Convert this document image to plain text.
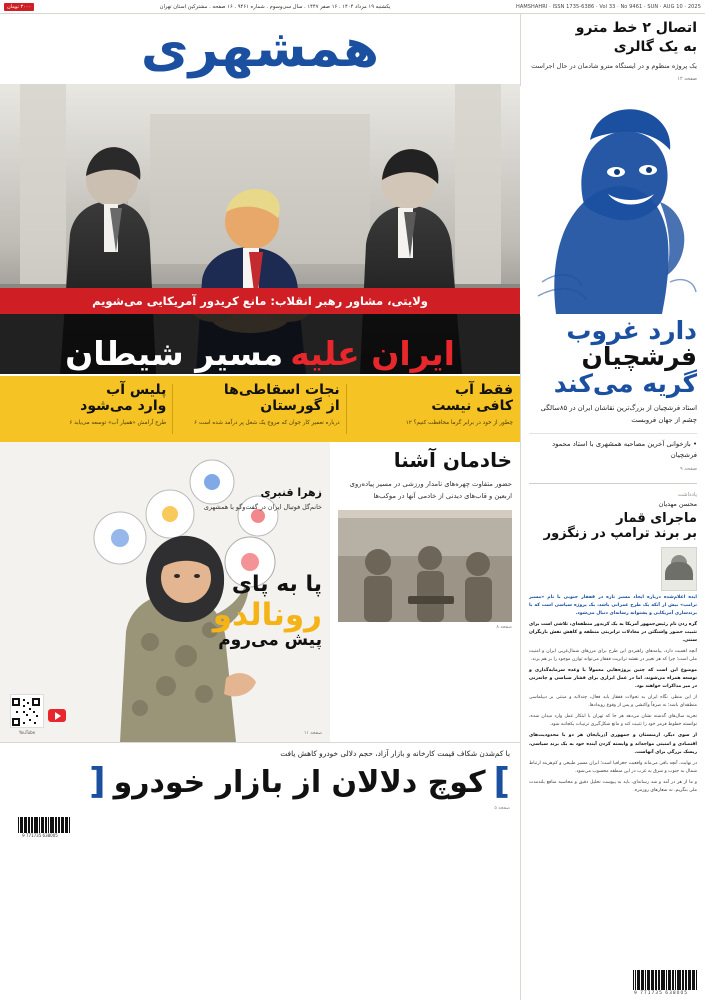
HAMSHAHRI · ISSN 1735-6386 · Vol 33 · No 9461 · SUN · AUG 10 · 2025
یکشنبه ۱۹ مرداد ۱۴۰۴ . ۱۶ صفر ۱۴۴۷ . سال سی‌وسوم . شماره ۹۴۶۱ . ۱۶ صفحه . مشترکین استان تهران
۳۰۰۰ تومان
اتصال ۲ خط مترو
به یک گالری
یک پروژه منظوم و در ایستگاه مترو شادمان در حال اجراست
صفحه ۱۲
دارد غروب
فرشچیان
گریه می‌کند
استاد فرشچیان از بزرگ‌ترین نقاشان ایران در ۸۵سالگی چشم از جهان فروبست
• بازخوانی آخرین مصاحبه همشهری با استاد محمود فرشچیان
صفحه ۹
یادداشت
محسن مهدیان
ماجرای قمار
بر برند ترامپ در زنگزور

ایده اعلام‌شده درباره ایجاد مسیر تازه در قفقاز جنوبی با نام «مسیر ترامپ» بیش از آنکه یک طرح عمرانی باشد، یک پروژه سیاسی است که با برندسازی آمریکایی و پشتوانه رسانه‌ای دنبال می‌شود.

گره زدن نام رئیس‌جمهور آمریکا به یک کریدور منطقه‌ای، تلاشی است برای تثبیت حضور واشنگتن در معادلات ترانزیتی منطقه و کاهش نقش بازیگران سنتی.

آنچه اهمیت دارد، پیامدهای راهبردی این طرح برای مرزهای شمال‌غربی ایران و امنیت ملی است؛ چرا که هر تغییر در نقشه ترانزیت قفقاز می‌تواند توازن موجود را بر هم بزند.

موضوع این است که چنین پروژه‌هایی معمولاً با وعده سرمایه‌گذاری و توسعه همراه می‌شوند، اما در عمل ابزاری برای فشار سیاسی و چانه‌زنی در میز مذاکرات خواهند بود.

از این منظر، نگاه ایران به تحولات قفقاز باید فعال، چندلایه و مبتنی بر دیپلماسی منطقه‌ای باشد؛ نه صرفاً واکنشی و پس از وقوع رویدادها.

تجربه سال‌های گذشته نشان می‌دهد هر جا که تهران با ابتکار عمل وارد میدان شده، توانسته خطوط قرمز خود را تثبیت کند و مانع شکل‌گیری ترتیبات یکجانبه شود.

از سوی دیگر، ارمنستان و جمهوری آذربایجان هر دو با محدودیت‌های اقتصادی و امنیتی مواجه‌اند و وابسته کردن آینده خود به یک برند سیاسی، ریسک بزرگی برای آنهاست.

در نهایت، آنچه باقی می‌ماند واقعیت جغرافیا است؛ ایران مسیر طبیعی و کم‌هزینه ارتباط شمال به جنوب و شرق به غرب در این منطقه محسوب می‌شود.

و ما از هر در آمد و شد رسانه‌ای، باید به پیوست تحلیل دقیق و محاسبه منافع بلندمدت ملی بنگریم، نه شعارهای روزمره.

9 771735 638005
همشهری
ولایتی، مشاور رهبر انقلاب: مانع کریدور آمریکایی می‌شویم
ایران علیه
مسیر شیطان
فقط آب
کافی نیست
چطور از خود در برابر گرما محافظت کنیم؟ ۱۲
نجات اسقاطی‌ها
از گورستان
درباره تعمیر کار جوان که مروج یک شغل پر درآمد شده است ۶
پلیس آب
وارد می‌شود
طرح آرامش «همیار آب» توسعه می‌یابد ۶
خادمان آشنا
حضور متفاوت چهره‌های نامدار ورزشی در مسیر پیاده‌روی اربعین و قاب‌های دیدنی از خادمی آنها در موکب‌ها
صفحه ۸
زهرا قنبری
خانم‌گل فوتبال ایران در گفت‌وگو با همشهری
پا به پای
رونالدو
پیش می‌روم
YouTube	صفحه ۱۱
با کم‌شدن شکاف قیمت کارخانه و بازار آزاد، حجم دلالی خودرو کاهش یافت
]
کوچ دلالان از بازار خودرو
[
صفحه ۵
9 771735 638005
